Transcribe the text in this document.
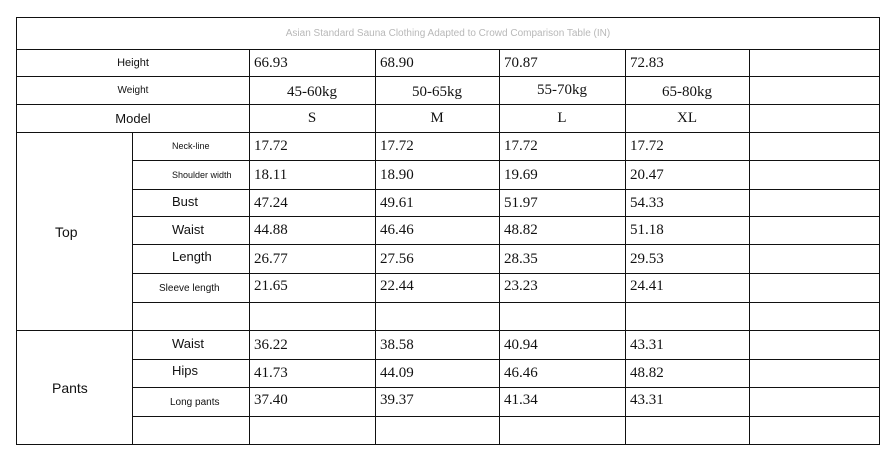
Asian Standard Sauna Clothing Adapted to Crowd Comparison Table (IN)
Height	66.93	68.90	70.87	72.83
Weight	45-60kg	50-65kg	55-70kg	65-80kg
Model	S	M	L	XL
Top
Neck-line	17.72	17.72	17.72	17.72
Shoulder width	18.11	18.90	19.69	20.47
Bust	47.24	49.61	51.97	54.33
Waist	44.88	46.46	48.82	51.18
Length	26.77	27.56	28.35	29.53
Sleeve length	21.65	22.44	23.23	24.41
Pants
Waist	36.22	38.58	40.94	43.31
Hips	41.73	44.09	46.46	48.82
Long pants	37.40	39.37	41.34	43.31
